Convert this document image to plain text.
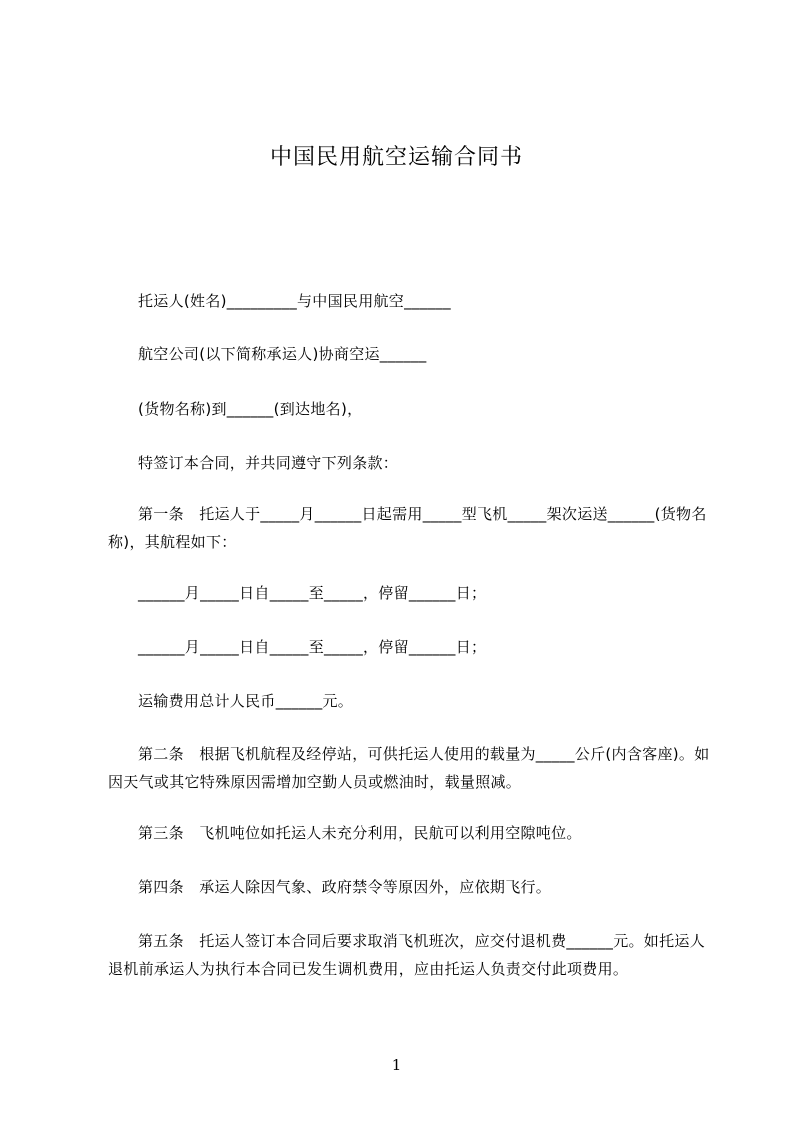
中国民用航空运输合同书

托运人(姓名)_________与中国民用航空______

航空公司(以下简称承运人)协商空运______

(货物名称)到______(到达地名)，

特签订本合同，并共同遵守下列条款：

第一条　托运人于_____月______日起需用_____型飞机_____架次运送______(货物名称)，其航程如下：

______月_____日自_____至_____，停留______日；

______月_____日自_____至_____，停留______日；

运输费用总计人民币______元。

第二条　根据飞机航程及经停站，可供托运人使用的载量为_____公斤(内含客座)。如因天气或其它特殊原因需增加空勤人员或燃油时，载量照减。

第三条　飞机吨位如托运人未充分利用，民航可以利用空隙吨位。

第四条　承运人除因气象、政府禁令等原因外，应依期飞行。

第五条　托运人签订本合同后要求取消飞机班次，应交付退机费______元。如托运人退机前承运人为执行本合同已发生调机费用，应由托运人负责交付此项费用。

1
